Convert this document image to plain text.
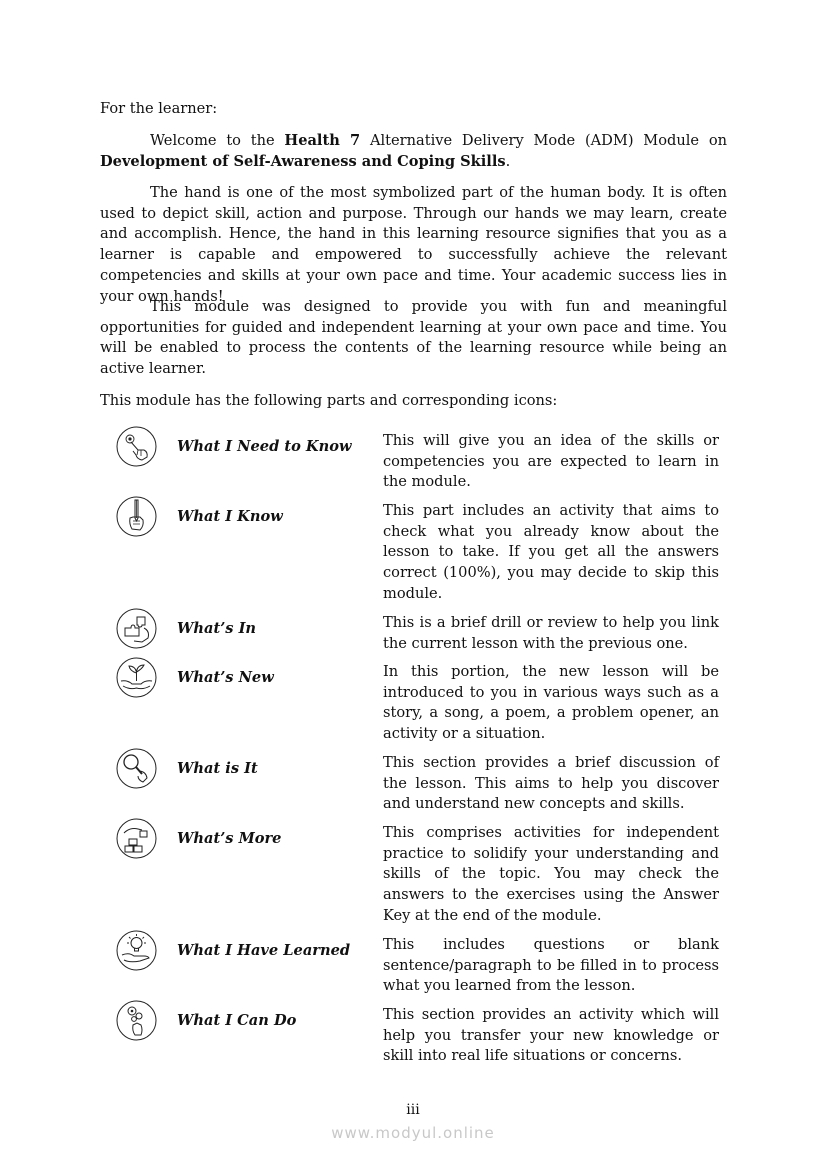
For the learner:

Welcome to the Health 7 Alternative Delivery Mode (ADM) Module on Development of Self-Awareness and Coping Skills.

The hand is one of the most symbolized part of the human body. It is often used to depict skill, action and purpose. Through our hands we may learn, create and accomplish. Hence, the hand in this learning resource signifies that you as a learner is capable and empowered to successfully achieve the relevant competencies and skills at your own pace and time. Your academic success lies in your own hands!

This module was designed to provide you with fun and meaningful opportunities for guided and independent learning at your own pace and time. You will be enabled to process the contents of the learning resource while being an active learner.

This module has the following parts and corresponding icons:

What I Need to Know	This will give you an idea of the skills or competencies you are expected to learn in the module.
What I Know	This part includes an activity that aims to check what you already know about the lesson to take. If you get all the answers correct (100%), you may decide to skip this module.
What’s In	This is a brief drill or review to help you link the current lesson with the previous one.
What’s New	In this portion, the new lesson will be introduced to you in various ways such as a story, a song, a poem, a problem opener, an activity or a situation.
What is It	This section provides a brief discussion of the lesson. This aims to help you discover and understand new concepts and skills.
What’s More	This comprises activities for independent practice to solidify your understanding and skills of the topic. You may check the answers to the exercises using the Answer Key at the end of the module.
What I Have Learned	This includes questions or blank sentence/paragraph to be filled in to process what you learned from the lesson.
What I Can Do	This section provides an activity which will help you transfer your new knowledge or skill into real life situations or concerns.
iii
www.modyul.online
